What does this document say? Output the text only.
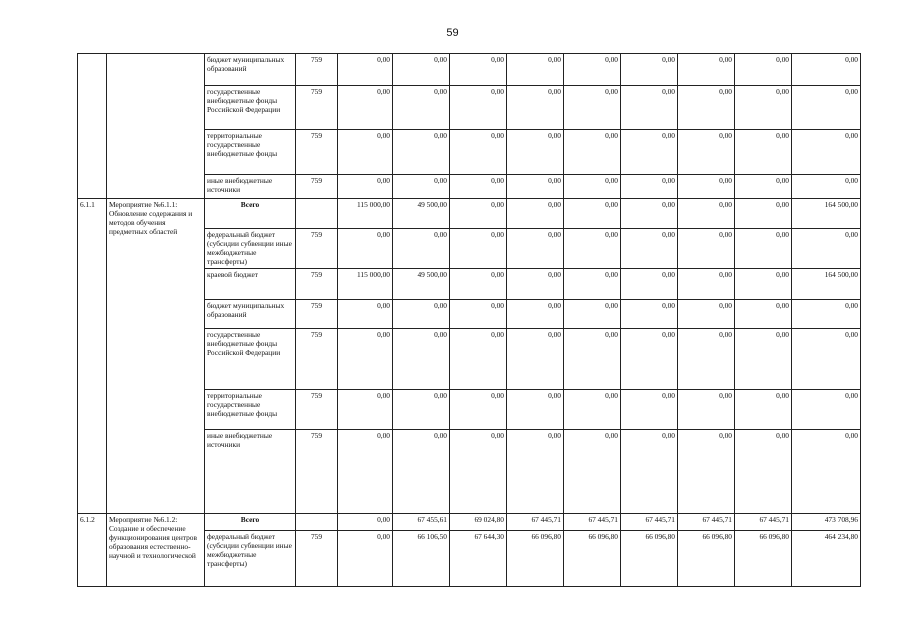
59
		бюджет муниципальных образований	759	0,00	0,00	0,00	0,00	0,00	0,00	0,00	0,00	0,00
		государственные внебюджетные фонды Российской Федерации	759	0,00	0,00	0,00	0,00	0,00	0,00	0,00	0,00	0,00
		территориальные государственные внебюджетные фонды	759	0,00	0,00	0,00	0,00	0,00	0,00	0,00	0,00	0,00
		иные внебюджетные источники	759	0,00	0,00	0,00	0,00	0,00	0,00	0,00	0,00	0,00
6.1.1	Мероприятие №6.1.1: Обновление содержания и методов обучения предметных областей	Всего		115 000,00	49 500,00	0,00	0,00	0,00	0,00	0,00	0,00	164 500,00
		федеральный бюджет (субсидии субвенции иные межбюджетные трансферты)	759	0,00	0,00	0,00	0,00	0,00	0,00	0,00	0,00	0,00
		краевой бюджет	759	115 000,00	49 500,00	0,00	0,00	0,00	0,00	0,00	0,00	164 500,00
		бюджет муниципальных образований	759	0,00	0,00	0,00	0,00	0,00	0,00	0,00	0,00	0,00
		государственные внебюджетные фонды Российской Федерации	759	0,00	0,00	0,00	0,00	0,00	0,00	0,00	0,00	0,00
		территориальные государственные внебюджетные фонды	759	0,00	0,00	0,00	0,00	0,00	0,00	0,00	0,00	0,00
		иные внебюджетные источники	759	0,00	0,00	0,00	0,00	0,00	0,00	0,00	0,00	0,00
6.1.2	Мероприятие №6.1.2: Создание и обеспечение функционирования центров образования естественно-научной и технологической	Всего		0,00	67 455,61	69 024,80	67 445,71	67 445,71	67 445,71	67 445,71	67 445,71	473 708,96
		федеральный бюджет (субсидии субвенции иные межбюджетные трансферты)	759	0,00	66 106,50	67 644,30	66 096,80	66 096,80	66 096,80	66 096,80	66 096,80	464 234,80
